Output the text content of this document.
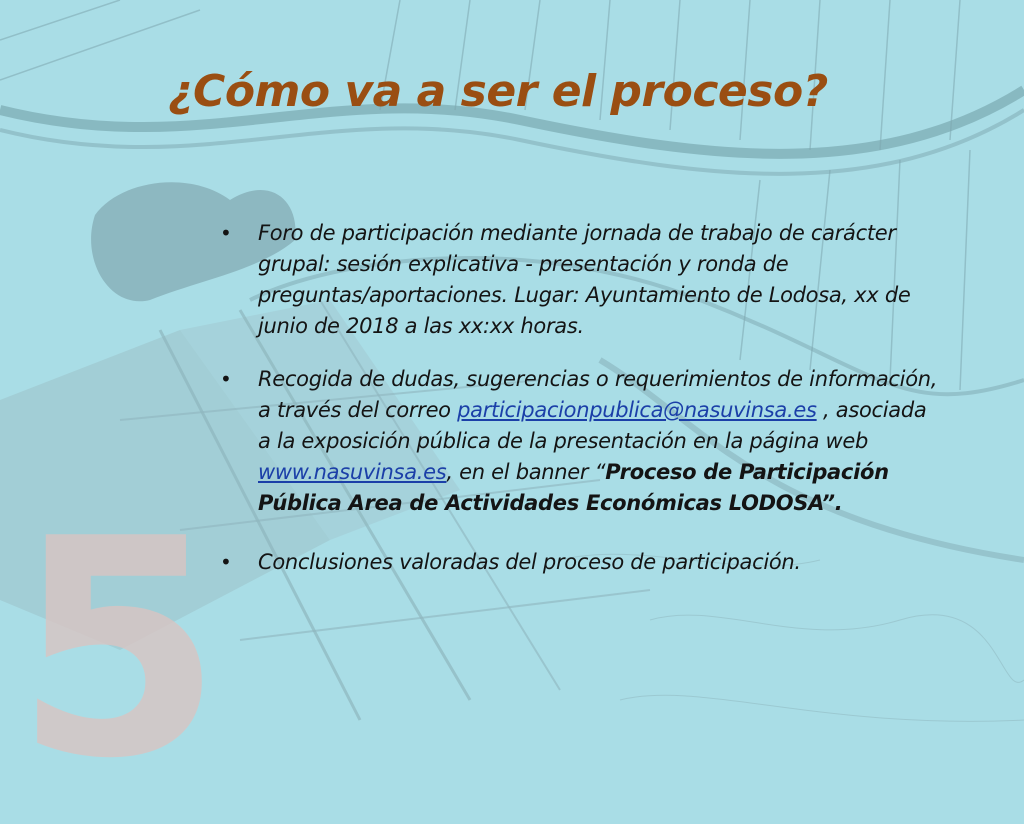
5
¿Cómo va a ser el proceso?
• Foro de participación mediante jornada de trabajo de carácter grupal: sesión explicativa - presentación y ronda de preguntas/aportaciones. Lugar: Ayuntamiento de Lodosa, xx de junio de 2018 a las xx:xx horas.
• Recogida de dudas, sugerencias o requerimientos de información, a través del correo participacionpublica@nasuvinsa.es , asociada a la exposición pública de la presentación en la página web www.nasuvinsa.es, en el banner “Proceso de Participación Pública Area de Actividades Económicas LODOSA”.
• Conclusiones valoradas del proceso de participación.
